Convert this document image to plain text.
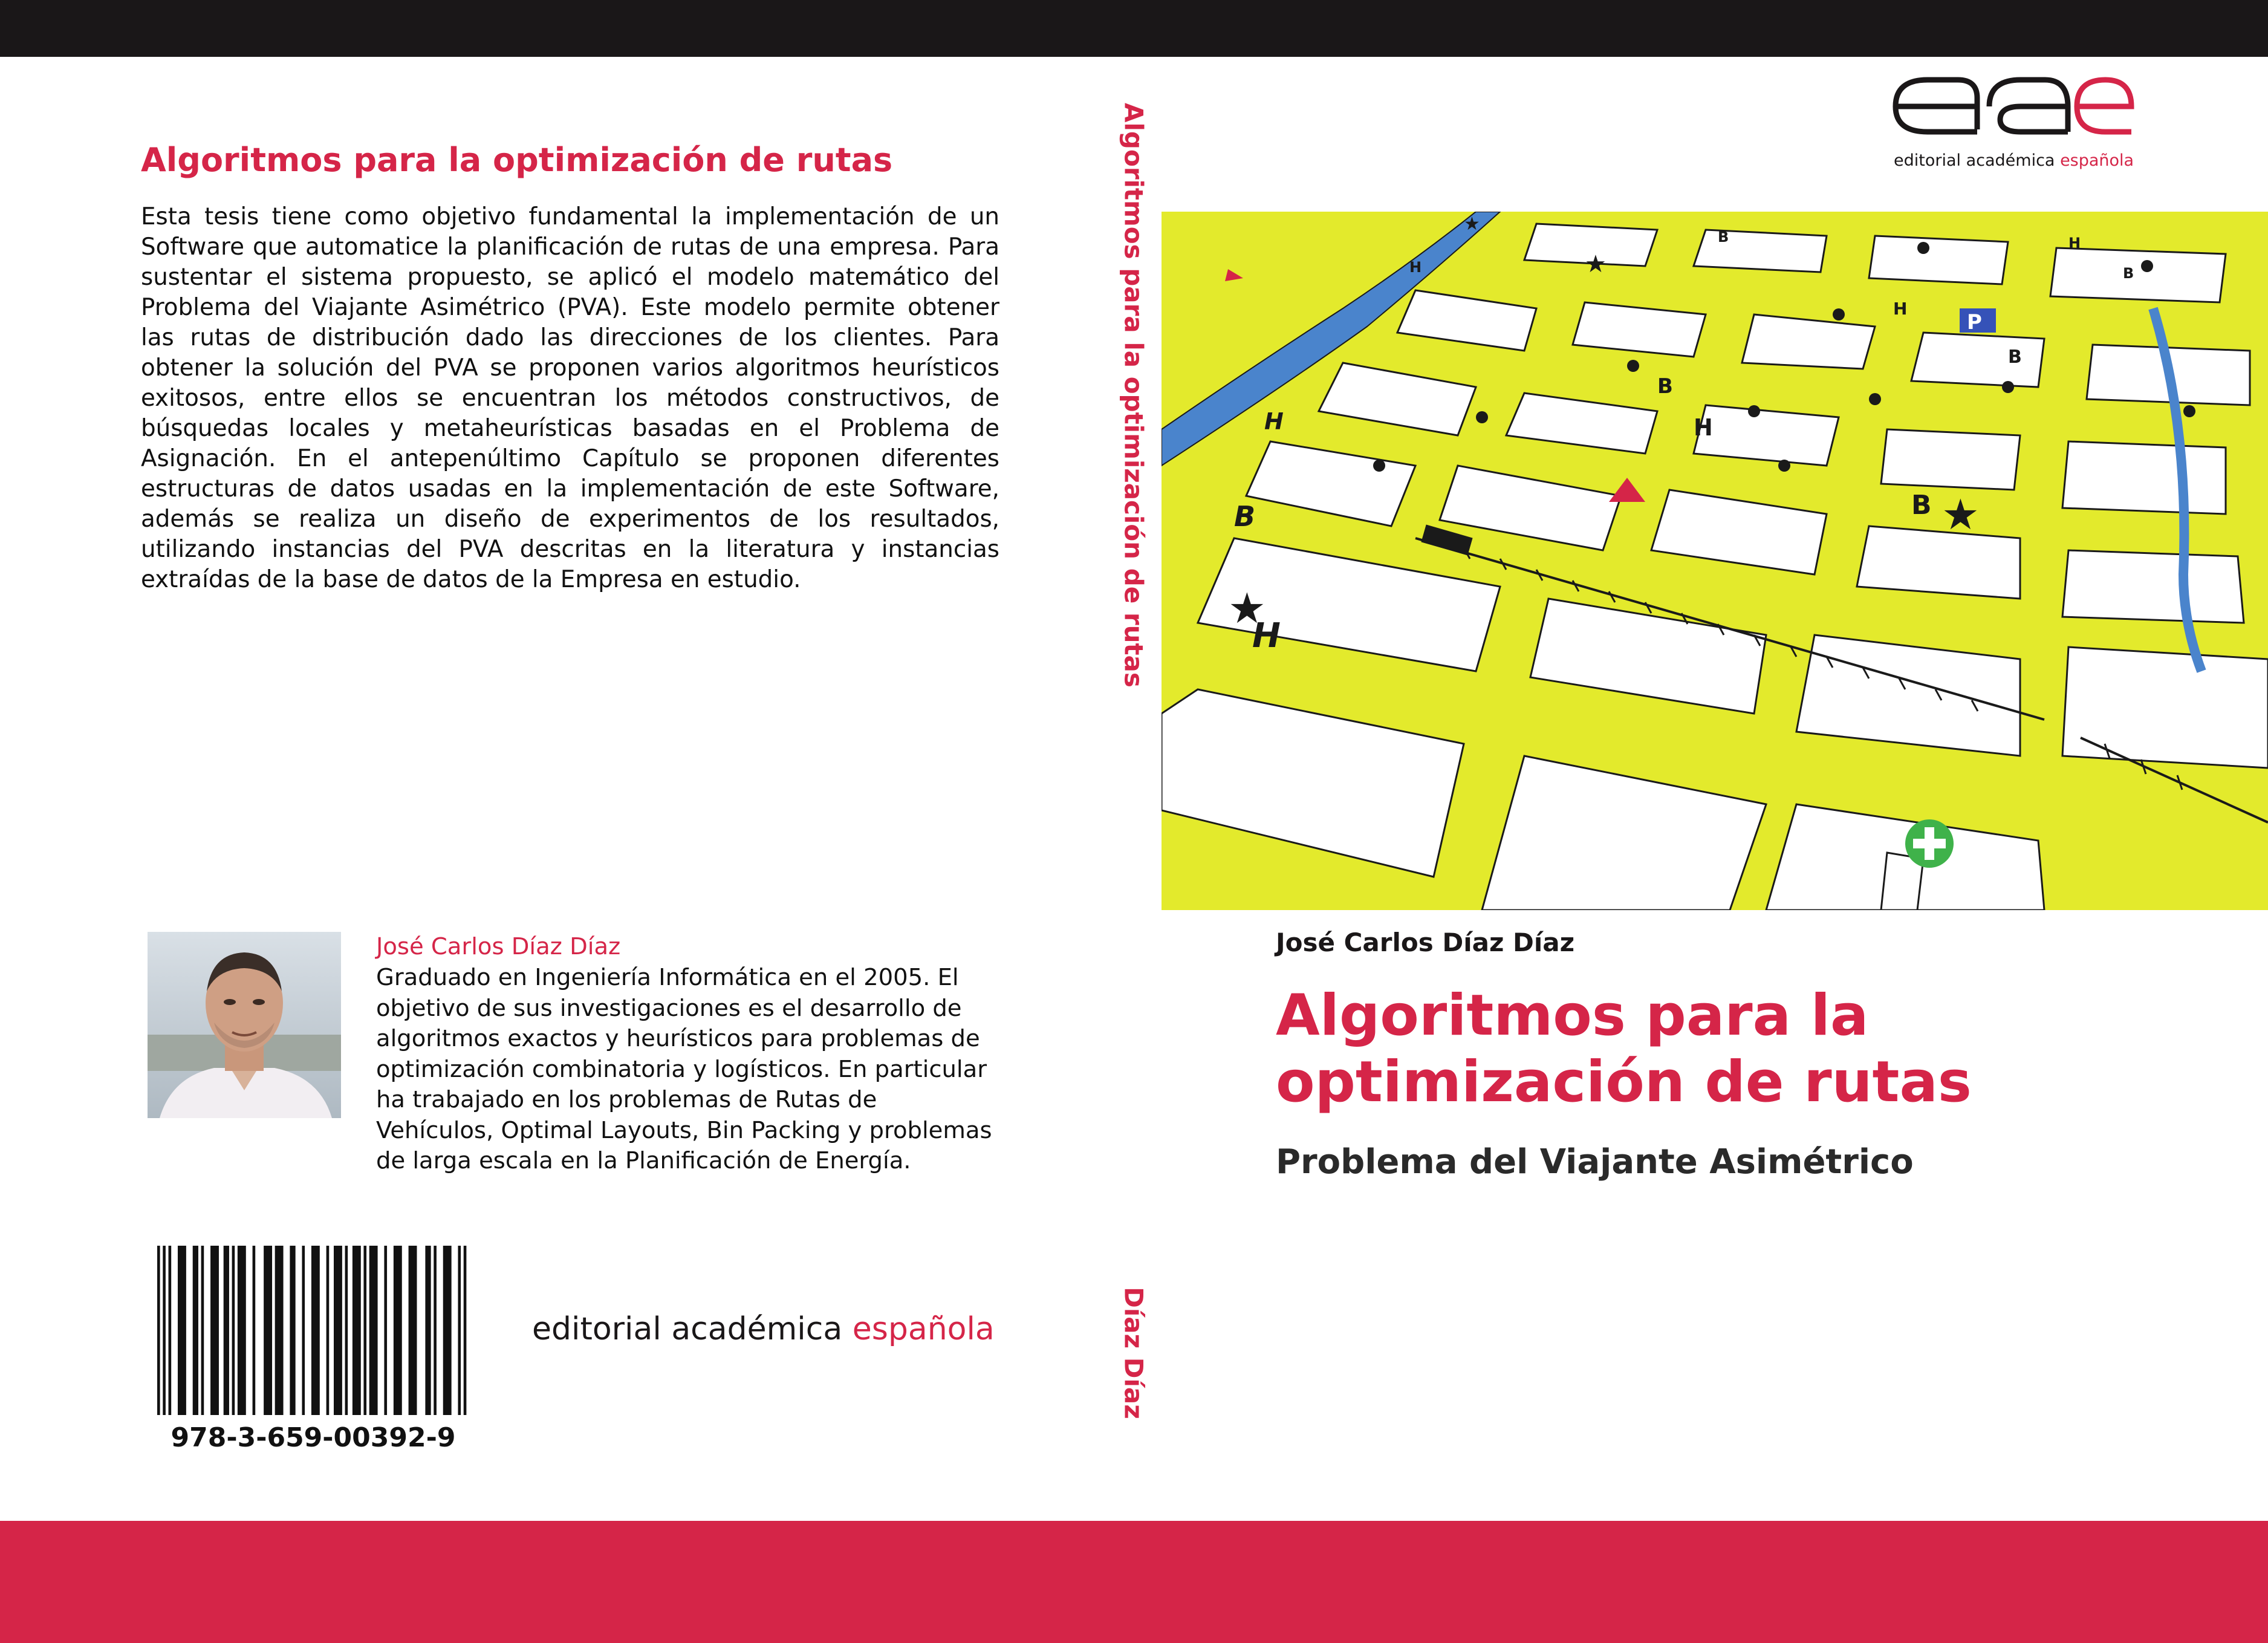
Algoritmos para la optimización de rutas
Esta tesis tiene como objetivo fundamental la implementación de un Software que automatice la planificación de rutas de una empresa. Para sustentar el sistema propuesto, se aplicó el modelo matemático del Problema del Viajante Asimétrico (PVA). Este modelo permite obtener las rutas de distribución dado las direcciones de los clientes. Para obtener la solución del PVA se proponen varios algoritmos heurísticos exitosos, entre ellos se encuentran los métodos constructivos, de búsquedas locales y metaheurísticas basadas en el Problema de Asignación. En el antepenúltimo Capítulo se proponen diferentes estructuras de datos usadas en la implementación de este Software, además se realiza un diseño de experimentos de los resultados, utilizando instancias del PVA descritas en la literatura y instancias extraídas de la base de datos de la Empresa en estudio.
José Carlos Díaz Díaz
Graduado en Ingeniería Informática en el 2005. El objetivo de sus investigaciones es el desarrollo de algoritmos exactos y heurísticos para problemas de optimización combinatoria y logísticos. En particular ha trabajado en los problemas de Rutas de Vehículos, Optimal Layouts, Bin Packing y problemas de larga escala en la Planificación de Energía.
978-3-659-00392-9
editorial académica española
Algoritmos para la optimización de rutas
Díaz Díaz
editorial académica española
★
★
★
★
B
H
H
H
B
B
B
H
H
B	H
B
P
José Carlos Díaz Díaz
Algoritmos para la optimización de rutas
Problema del Viajante Asimétrico
